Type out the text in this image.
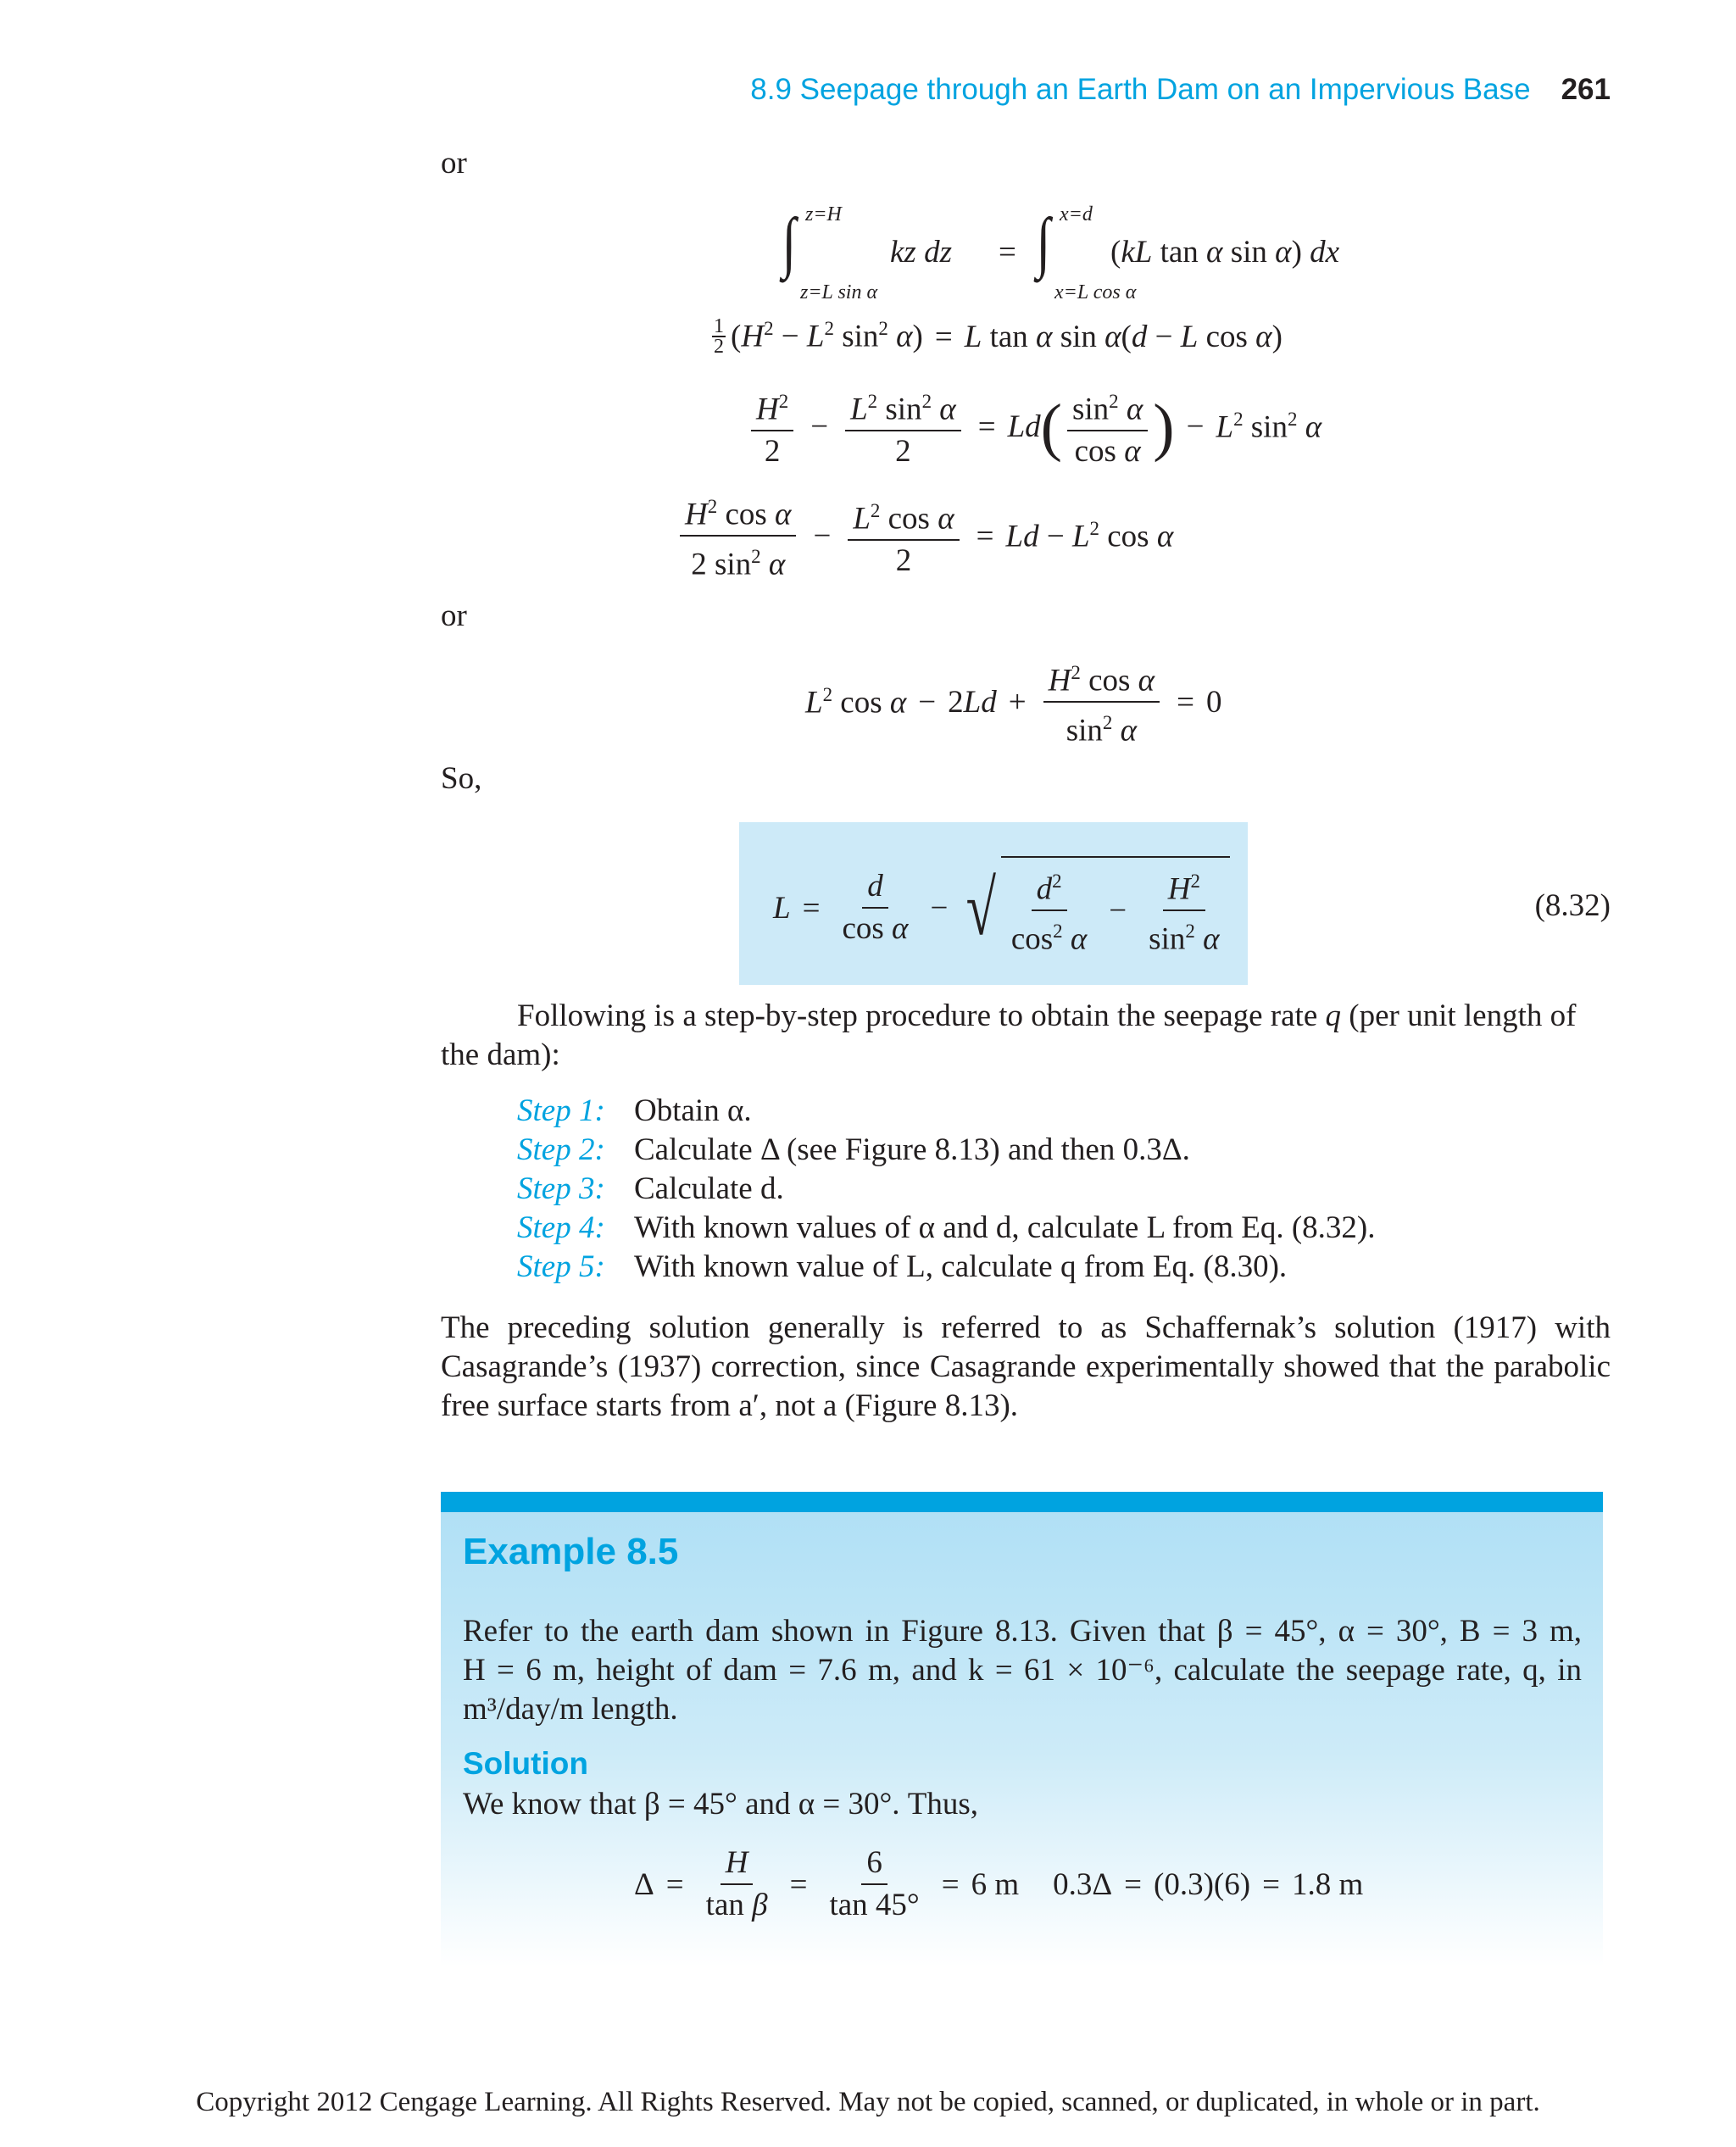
8.9 Seepage through an Earth Dam on an Impervious Base 261
or
∫ z=H
z=L sin α
kz dz = ∫ x=d
x=L cos α
(kL tan α sin α) dx
$\frac{1}{2} (H^2 - L^2$ $\sin^2 \alpha) = L$ tan α sin α(d − L cos α)
$\frac{H^2}{2} - \frac{L^2 \sin^2 \alpha}{2} = Ld$ ( $\frac{\sin^2 \alpha}{\text{cos α}}$ ) − $L^2$ $\sin^2 \alpha$
$\frac{H^2 \cos \alpha}{2 \sin^2 \alpha} - \frac{L^2 \cos \alpha}{2} = Ld - L^2$ cos α
or
$L^2$ $\cos \alpha - 2Ld + \frac{H^2 \cos \alpha}{\sin^2 \alpha} = 0$
So,
$L = \frac{d}{\text{cos α}}$ − √ $\frac{d^2}{\cos^2 \alpha} - \frac{H^2}{\sin^2 \alpha}$	(8.32)
Following is a step-by-step procedure to obtain the seepage rate q (per unit length of
the dam):
Step 1: Obtain α.
Step 2: Calculate Δ (see Figure 8.13) and then 0.3Δ.
Step 3: Calculate d.
Step 4: With known values of α and d, calculate L from Eq. (8.32).
Step 5: With known value of L, calculate q from Eq. (8.30).
The preceding solution generally is referred to as Schaffernak’s solution (1917) with
Casagrande’s (1937) correction, since Casagrande experimentally showed that the parabolic
free surface starts from a′, not a (Figure 8.13).
Example 8.5
Refer to the earth dam shown in Figure 8.13. Given that β = 45°, α = 30°, B = 3 m,
H = 6 m, height of dam = 7.6 m, and k = 61 × 10⁻⁶, calculate the seepage rate, q, in
m³/day/m length.
Solution
We know that β = 45° and α = 30°. Thus,
$\Delta = \frac{H}{\text{tan β}} = \frac{6}{\tan 45^\circ} = 6$ m 0.3Δ = (0.3)(6) = 1.8 m
Copyright 2012 Cengage Learning. All Rights Reserved. May not be copied, scanned, or duplicated, in whole or in part.
